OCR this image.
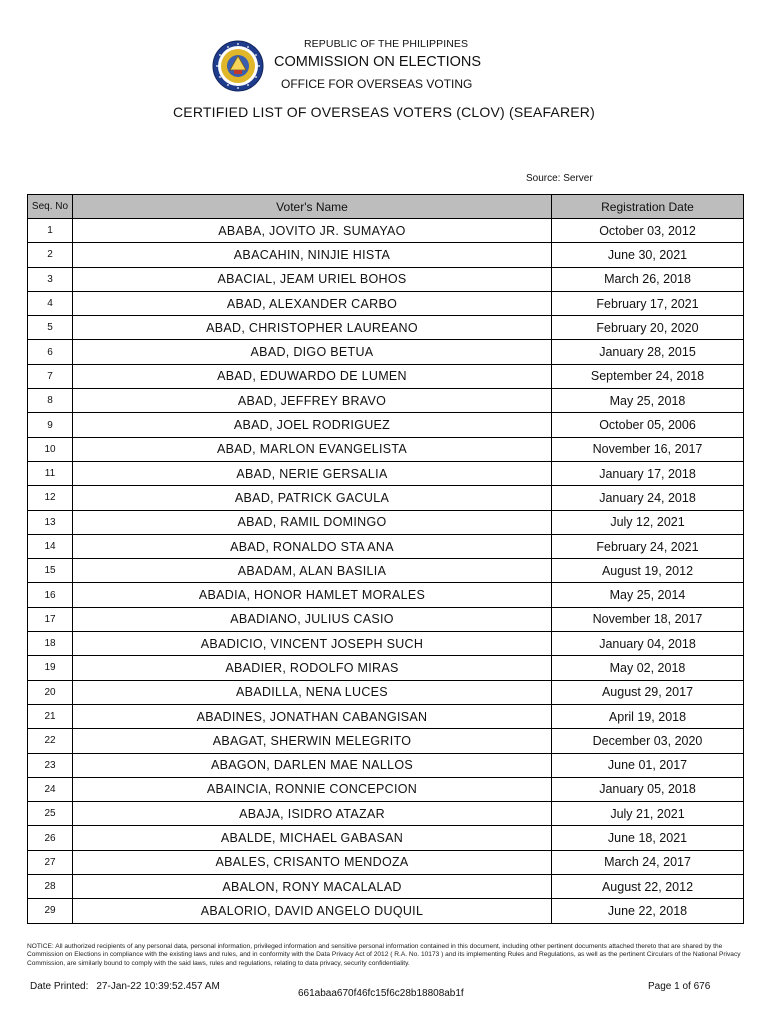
REPUBLIC OF THE PHILIPPINES
COMMISSION ON ELECTIONS
OFFICE FOR OVERSEAS VOTING
CERTIFIED LIST OF OVERSEAS VOTERS (CLOV) (SEAFARER)
Source: Server
Seq. No	Voter's Name	Registration Date
1	ABABA, JOVITO JR. SUMAYAO	October 03, 2012
2	ABACAHIN, NINJIE HISTA	June 30, 2021
3	ABACIAL, JEAM URIEL BOHOS	March 26, 2018
4	ABAD, ALEXANDER CARBO	February 17, 2021
5	ABAD, CHRISTOPHER LAUREANO	February 20, 2020
6	ABAD, DIGO BETUA	January 28, 2015
7	ABAD, EDUWARDO DE LUMEN	September 24, 2018
8	ABAD, JEFFREY BRAVO	May 25, 2018
9	ABAD, JOEL RODRIGUEZ	October 05, 2006
10	ABAD, MARLON EVANGELISTA	November 16, 2017
11	ABAD, NERIE GERSALIA	January 17, 2018
12	ABAD, PATRICK GACULA	January 24, 2018
13	ABAD, RAMIL DOMINGO	July 12, 2021
14	ABAD, RONALDO STA ANA	February 24, 2021
15	ABADAM, ALAN BASILIA	August 19, 2012
16	ABADIA, HONOR HAMLET MORALES	May 25, 2014
17	ABADIANO, JULIUS CASIO	November 18, 2017
18	ABADICIO, VINCENT JOSEPH SUCH	January 04, 2018
19	ABADIER, RODOLFO MIRAS	May 02, 2018
20	ABADILLA, NENA LUCES	August 29, 2017
21	ABADINES, JONATHAN CABANGISAN	April 19, 2018
22	ABAGAT, SHERWIN MELEGRITO	December 03, 2020
23	ABAGON, DARLEN MAE NALLOS	June 01, 2017
24	ABAINCIA, RONNIE CONCEPCION	January 05, 2018
25	ABAJA, ISIDRO ATAZAR	July 21, 2021
26	ABALDE, MICHAEL GABASAN	June 18, 2021
27	ABALES, CRISANTO MENDOZA	March 24, 2017
28	ABALON, RONY MACALALAD	August 22, 2012
29	ABALORIO, DAVID ANGELO DUQUIL	June 22, 2018
NOTICE: All authorized recipients of any personal data, personal information, privileged information and sensitive personal information contained in this document, including other pertinent documents attached thereto that are shared by the Commission on Elections in compliance with the existing laws and rules, and in conformity with the Data Privacy Act of 2012 ( R.A. No. 10173 ) and its implementing Rules and Regulations, as well as the pertinent Circulars of the National Privacy Commission, are similarly bound to comply with the said laws, rules and regulations, relating to data privacy, security confidentiality.
Date Printed: 27-Jan-22 10:39:52.457 AM
661abaa670f46fc15f6c28b18808ab1f
Page 1 of 676
